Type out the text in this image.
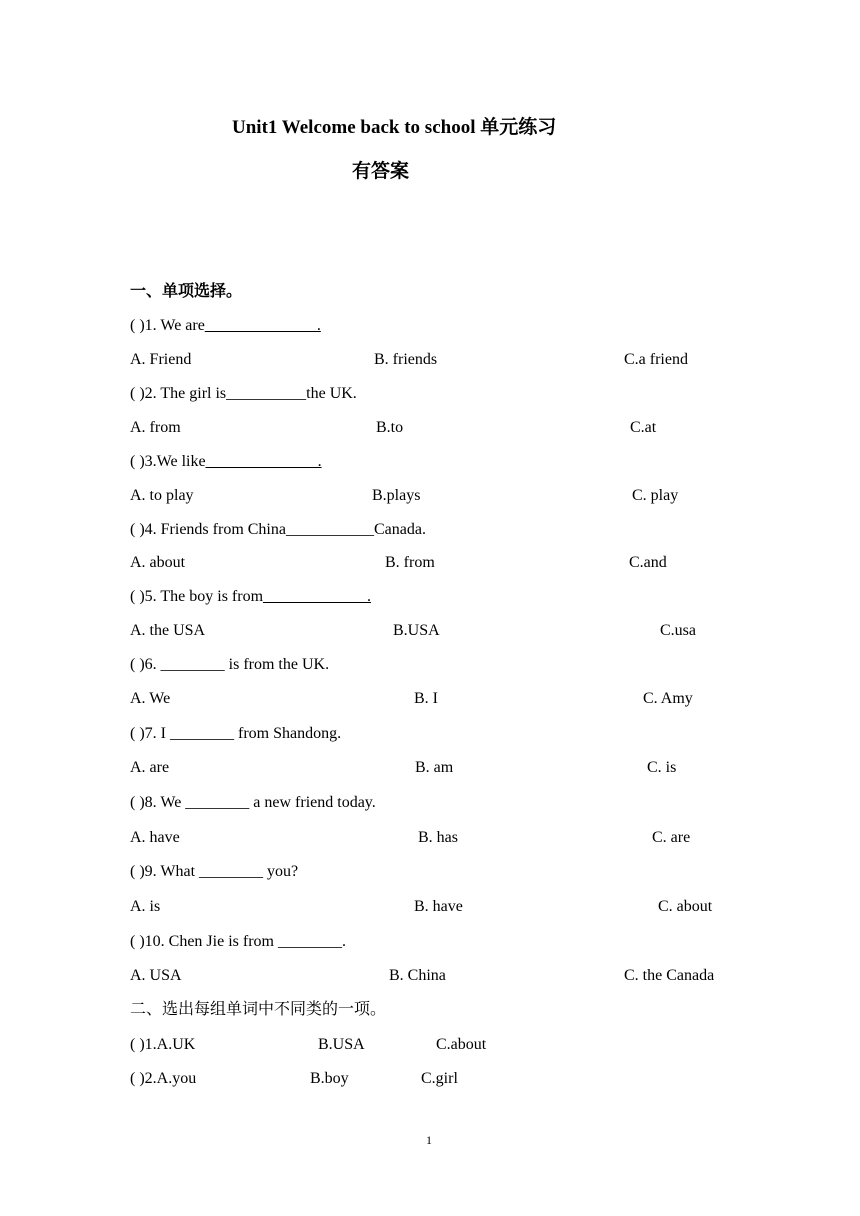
Unit1 Welcome back to school 单元练习
有答案
一、单项选择。
( )1. We are______________.
A. Friend	B. friends	C.a friend
( )2. The girl is__________the UK.
A. from	B.to	C.at
( )3.We like______________.
A. to play	B.plays	C. play
( )4. Friends from China___________Canada.
A. about	B. from	C.and
( )5. The boy is from_____________.
A. the USA	B.USA	C.usa
( )6. ________ is from the UK.
A. We	B. I	C. Amy
( )7. I ________ from Shandong.
A. are	B. am	C. is
( )8. We ________ a new friend today.
A. have	B. has	C. are
( )9. What ________ you?
A. is	B. have	C. about
( )10. Chen Jie is from ________.
A. USA	B. China	C. the Canada
二、选出每组单词中不同类的一项。
( )1.A.UK	B.USA	C.about
( )2.A.you	B.boy	C.girl
1
